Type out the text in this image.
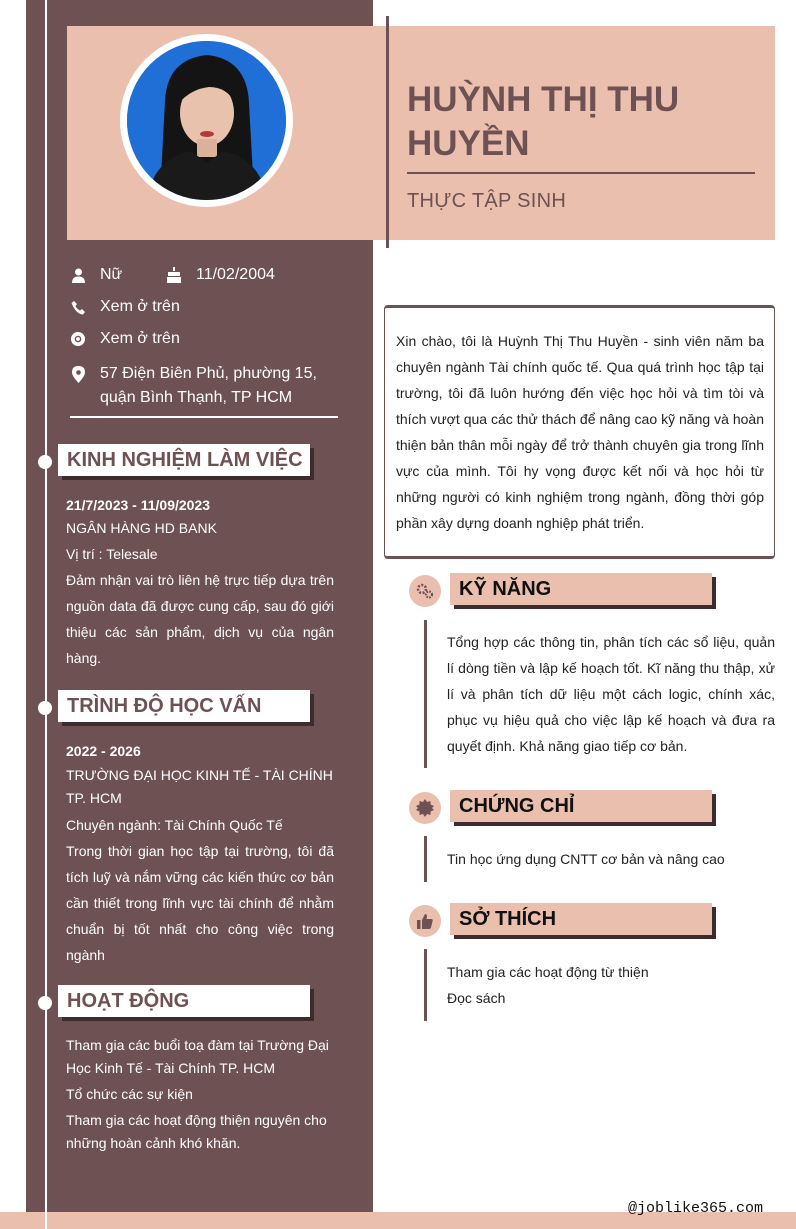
HUỲNH THỊ THU HUYỀN
THỰC TẬP SINH
Nữ	11/02/2004
Xem ở trên
Xem ở trên
57 Điện Biên Phủ, phường 15, quận Bình Thạnh, TP HCM
KINH NGHIỆM LÀM VIỆC

21/7/2023 - 11/09/2023

NGÂN HÀNG HD BANK

Vị trí : Telesale

Đảm nhận vai trò liên hệ trực tiếp dựa trên nguồn data đã được cung cấp, sau đó giới thiệu các sản phẩm, dịch vụ của ngân hàng.

TRÌNH ĐỘ HỌC VẤN

2022 - 2026

TRƯỜNG ĐẠI HỌC KINH TẾ - TÀI CHÍNH TP. HCM

Chuyên ngành: Tài Chính Quốc Tế

Trong thời gian học tập tại trường, tôi đã tích luỹ và nắm vững các kiến thức cơ bản cần thiết trong lĩnh vực tài chính để nhằm chuẩn bị tốt nhất cho công việc trong ngành

HOẠT ĐỘNG

Tham gia các buổi toạ đàm tại Trường Đại Học Kinh Tế - Tài Chính TP. HCM

Tổ chức các sự kiện

Tham gia các hoạt động thiện nguyên cho những hoàn cảnh khó khăn.

Xin chào, tôi là Huỳnh Thị Thu Huyền - sinh viên năm ba chuyên ngành Tài chính quốc tế. Qua quá trình học tập tại trường, tôi đã luôn hướng đến việc học hỏi và tìm tòi và thích vượt qua các thử thách để nâng cao kỹ năng và hoàn thiện bản thân mỗi ngày để trở thành chuyên gia trong lĩnh vực của mình. Tôi hy vọng được kết nối và học hỏi từ những người có kinh nghiệm trong ngành, đồng thời góp phần xây dựng doanh nghiệp phát triển.

KỸ NĂNG

Tổng hợp các thông tin, phân tích các sổ liệu, quản lí dòng tiền và lập kế hoạch tốt. Kĩ năng thu thập, xử lí và phân tích dữ liệu một cách logic, chính xác, phục vụ hiệu quả cho việc lập kế hoạch và đưa ra quyết định. Khả năng giao tiếp cơ bản.

CHỨNG CHỈ

Tin học ứng dụng CNTT cơ bản và nâng cao

SỞ THÍCH

Tham gia các hoạt động từ thiện

Đọc sách

@joblike365.com
